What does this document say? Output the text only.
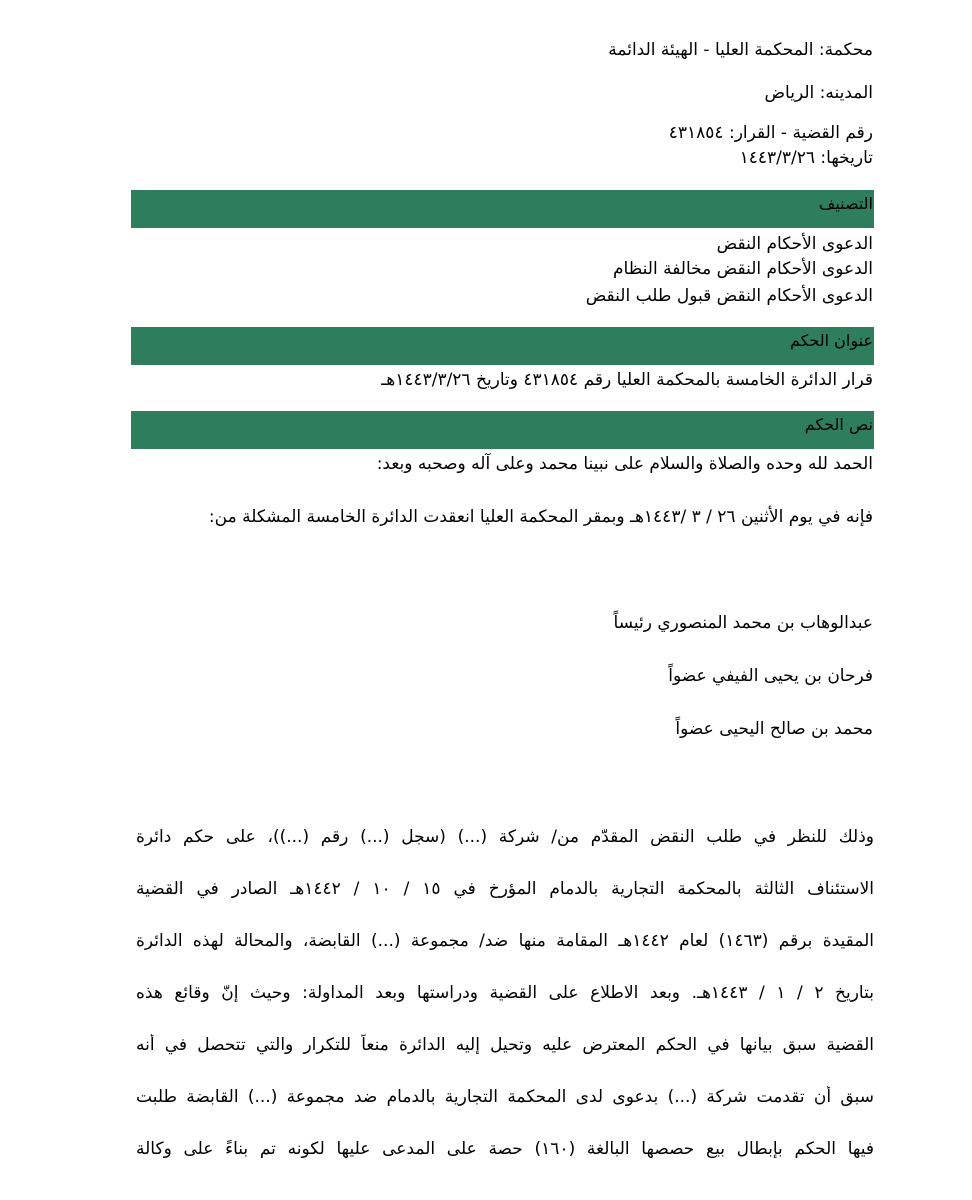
محكمة: المحكمة العليا - الهيئة الدائمة
المدينه: الرياض
رقم القضية - القرار: ٤٣١٨٥٤
تاريخها: ١٤٤٣/٣/٢٦
التصنيف
الدعوى الأحكام النقض
الدعوى الأحكام النقض مخالفة النظام
الدعوى الأحكام النقض قبول طلب النقض
عنوان الحكم
قرار الدائرة الخامسة بالمحكمة العليا رقم ٤٣١٨٥٤ وتاريخ ١٤٤٣/٣/٢٦هـ
نص الحكم
الحمد لله وحده والصلاة والسلام على نبينا محمد وعلى آله وصحبه وبعد:
فإنه في يوم الأثنين ٢٦ / ٣ /١٤٤٣هـ وبمقر المحكمة العليا انعقدت الدائرة الخامسة المشكلة من:
عبدالوهاب بن محمد المنصوري رئيساً
فرحان بن يحيى الفيفي عضواً
محمد بن صالح اليحيى عضواً
وذلك للنظر في طلب النقض المقدّم من/ شركة (...) (سجل (...) رقم (...))، على حكم دائرة
الاستئناف الثالثة بالمحكمة التجارية بالدمام المؤرخ في ١٥ / ١٠ / ١٤٤٢هـ الصادر في القضية
المقيدة برقم (١٤٦٣) لعام ١٤٤٢هـ المقامة منها ضد/ مجموعة (...) القابضة، والمحالة لهذه الدائرة
بتاريخ ٢ / ١ / ١٤٤٣هـ. وبعد الاطلاع على القضية ودراستها وبعد المداولة: وحيث إنّ وقائع هذه
القضية سبق بيانها في الحكم المعترض عليه وتحيل إليه الدائرة منعاً للتكرار والتي تتحصل في أنه
سبق أن تقدمت شركة (...) بدعوى لدى المحكمة التجارية بالدمام ضد مجموعة (...) القابضة طلبت
فيها الحكم بإبطال بيع حصصها البالغة (١٦٠) حصة على المدعى عليها لكونه تم بناءً على وكالة
